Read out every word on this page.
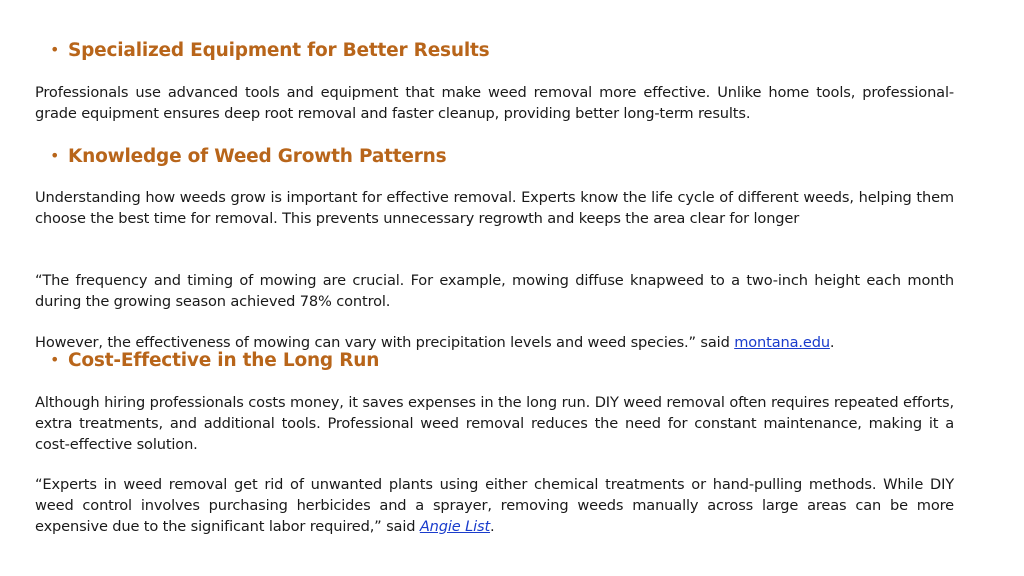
• Specialized Equipment for Better Results

Professionals use advanced tools and equipment that make weed removal more effective. Unlike home tools, professional-grade equipment ensures deep root removal and faster cleanup, providing better long-term results.

• Knowledge of Weed Growth Patterns

Understanding how weeds grow is important for effective removal. Experts know the life cycle of different weeds, helping them choose the best time for removal. This prevents unnecessary regrowth and keeps the area clear for longer

“The frequency and timing of mowing are crucial. For example, mowing diffuse knapweed to a two-inch height each month during the growing season achieved 78% control.

However, the effectiveness of mowing can vary with precipitation levels and weed species.” said montana.edu.

• Cost-Effective in the Long Run

Although hiring professionals costs money, it saves expenses in the long run. DIY weed removal often requires repeated efforts, extra treatments, and additional tools. Professional weed removal reduces the need for constant maintenance, making it a cost-effective solution.

“Experts in weed removal get rid of unwanted plants using either chemical treatments or hand-pulling methods. While DIY weed control involves purchasing herbicides and a sprayer, removing weeds manually across large areas can be more expensive due to the significant labor required,” said Angie List.
